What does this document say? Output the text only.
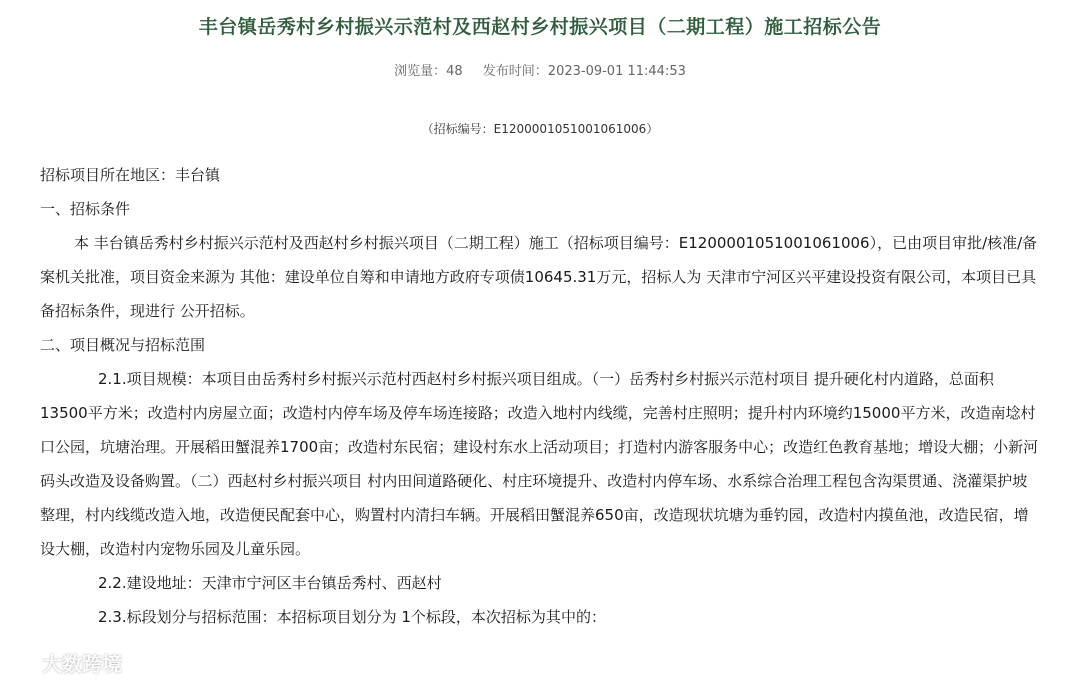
丰台镇岳秀村乡村振兴示范村及西赵村乡村振兴项目（二期工程）施工招标公告
浏览量：48 发布时间：2023-09-01 11:44:53
（招标编号：E1200001051001061006）

招标项目所在地区：丰台镇

一、招标条件

本 丰台镇岳秀村乡村振兴示范村及西赵村乡村振兴项目（二期工程）施工（招标项目编号：E1200001051001061006），已由项目审批/核准/备案机关批准，项目资金来源为 其他：建设单位自筹和申请地方政府专项债10645.31万元，招标人为 天津市宁河区兴平建设投资有限公司，本项目已具备招标条件，现进行 公开招标。

二、项目概况与招标范围

2.1.项目规模：本项目由岳秀村乡村振兴示范村西赵村乡村振兴项目组成。（一）岳秀村乡村振兴示范村项目 提升硬化村内道路，总面积13500平方米；改造村内房屋立面；改造村内停车场及停车场连接路；改造入地村内线缆，完善村庄照明；提升村内环境约15000平方米，改造南埝村口公园，坑塘治理。开展稻田蟹混养1700亩；改造村东民宿；建设村东水上活动项目；打造村内游客服务中心；改造红色教育基地；增设大棚；小新河码头改造及设备购置。（二）西赵村乡村振兴项目 村内田间道路硬化、村庄环境提升、改造村内停车场、水系综合治理工程包含沟渠贯通、浇灌渠护坡整理，村内线缆改造入地，改造便民配套中心，购置村内清扫车辆。开展稻田蟹混养650亩，改造现状坑塘为垂钓园，改造村内摸鱼池，改造民宿，增设大棚，改造村内宠物乐园及儿童乐园。

2.2.建设地址：天津市宁河区丰台镇岳秀村、西赵村

2.3.标段划分与招标范围：本招标项目划分为 1个标段，本次招标为其中的：

大数跨境
